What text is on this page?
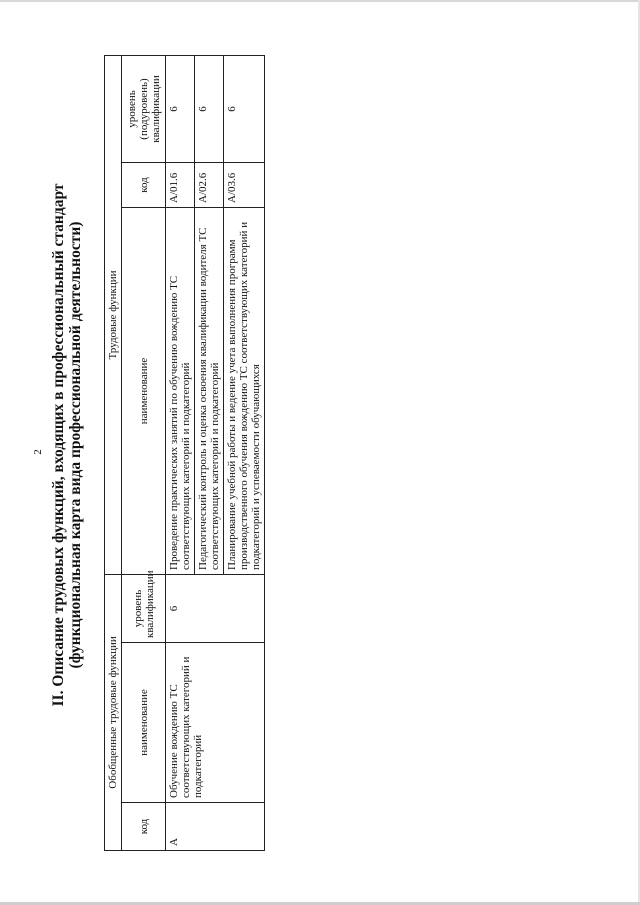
2 II. Описание трудовых функций, входящих в профессиональный стандарт (функциональная карта вида профессиональной деятельности)
Обобщенные трудовые функции			Трудовые функции		
код	наименование	уровень квалификации	наименование	код	уровень (подуровень) квалификации
A	Обучение вождению ТС соответствующих категорий и подкатегорий	6	Проведение практических занятий по обучению вождению ТС соответствующих категорий и подкатегорий	A/01.6	6
			Педагогический контроль и оценка освоения квалификации водителя ТС соответствующих категорий и подкатегорий	A/02.6	6
			Планирование учебной работы и ведение учета выполнения программ производственного обучения вождению ТС соответствующих категорий и подкатегорий и успеваемости обучающихся	A/03.6	6
